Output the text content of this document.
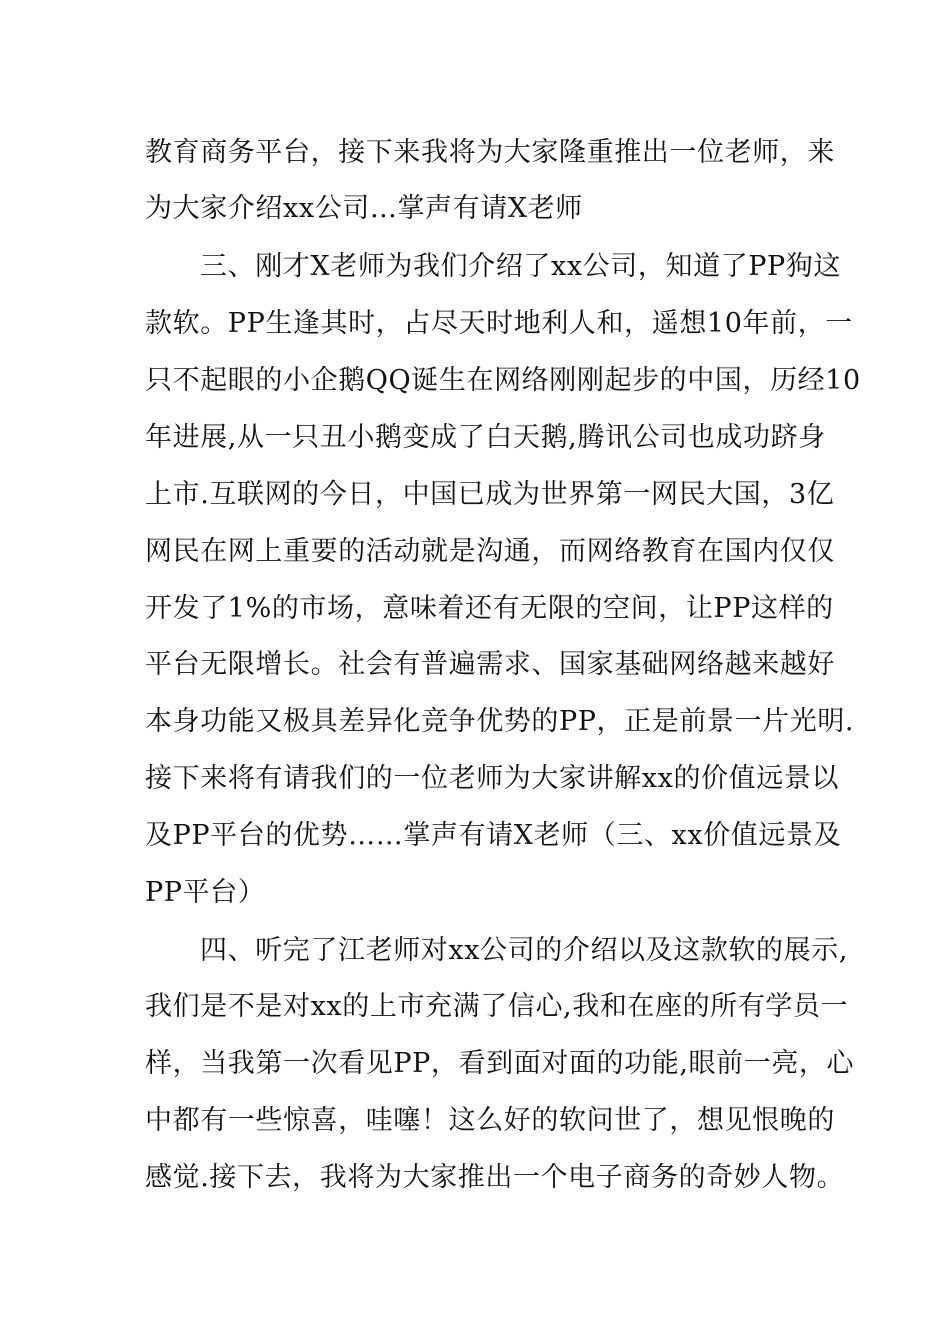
教育商务平台，接下来我将为大家隆重推出一位老师，来
为大家介绍xx公司…掌声有请X老师
三、刚才X老师为我们介绍了xx公司，知道了PP狗这
款软。PP生逢其时，占尽天时地利人和，遥想10年前，一
只不起眼的小企鹅QQ诞生在网络刚刚起步的中国，历经10
年进展,从一只丑小鹅变成了白天鹅,腾讯公司也成功跻身
上市.互联网的今日，中国已成为世界第一网民大国，3亿
网民在网上重要的活动就是沟通，而网络教育在国内仅仅
开发了1%的市场，意味着还有无限的空间，让PP这样的
平台无限增长。社会有普遍需求、国家基础网络越来越好
本身功能又极具差异化竞争优势的PP，正是前景一片光明.
接下来将有请我们的一位老师为大家讲解xx的价值远景以
及PP平台的优势……掌声有请X老师（三、xx价值远景及
PP平台）
四、听完了江老师对xx公司的介绍以及这款软的展示,
我们是不是对xx的上市充满了信心,我和在座的所有学员一
样，当我第一次看见PP，看到面对面的功能,眼前一亮，心
中都有一些惊喜，哇噻！这么好的软问世了，想见恨晚的
感觉.接下去，我将为大家推出一个电子商务的奇妙人物。
